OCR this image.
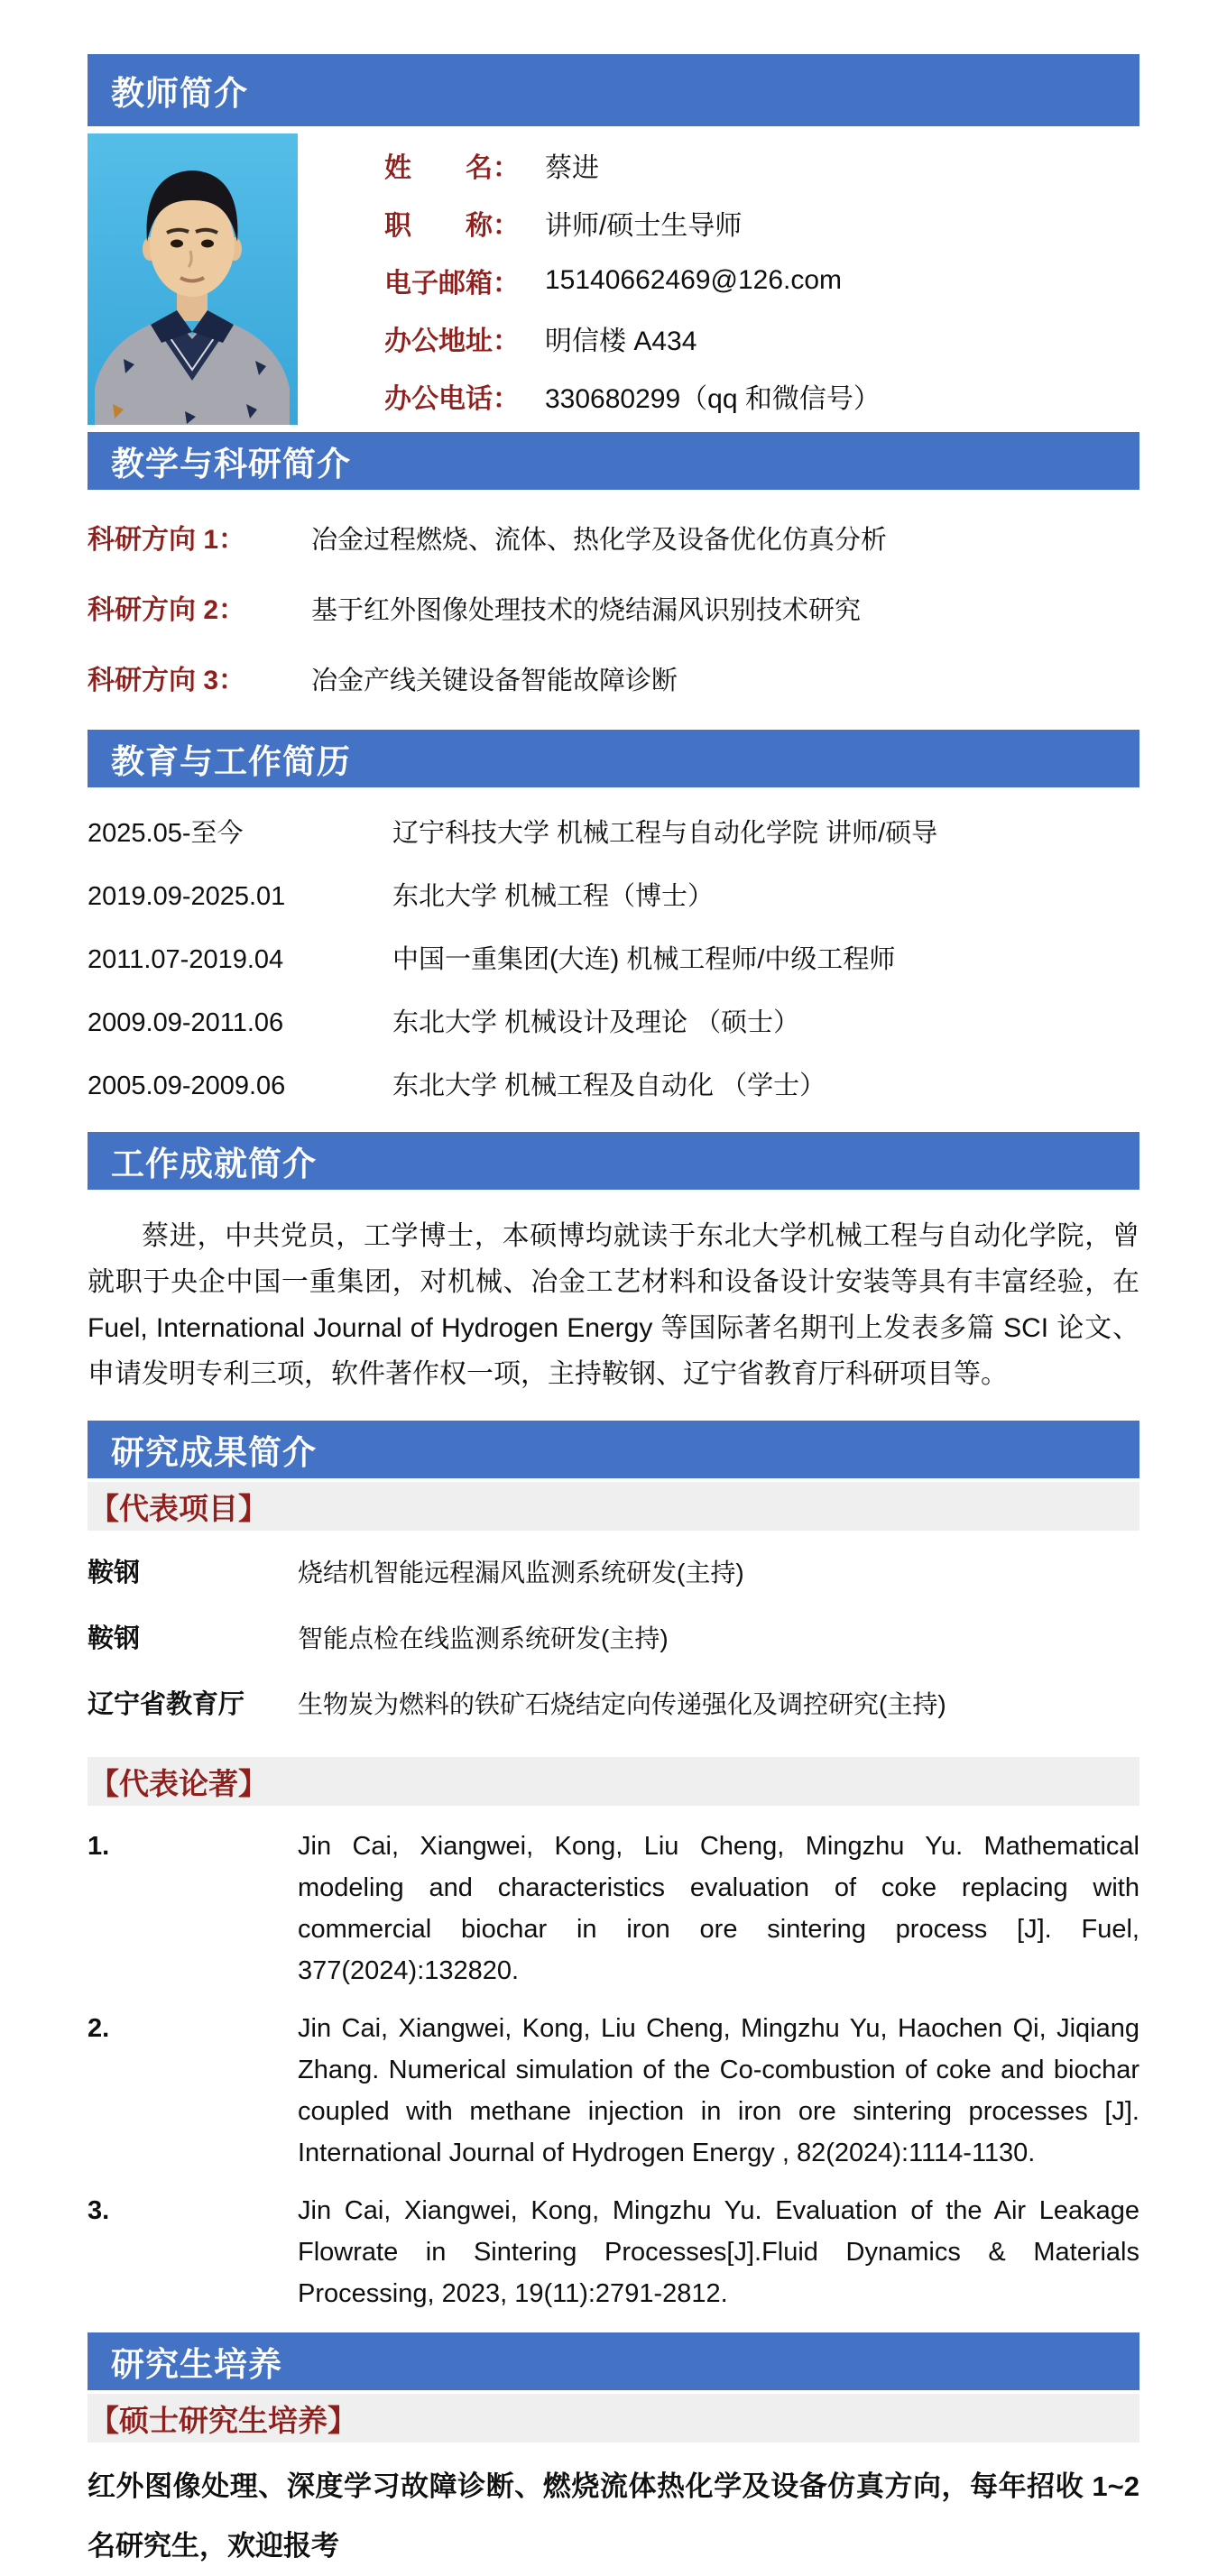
教师简介
姓　　名： 蔡进
职　　称： 讲师/硕士生导师
电子邮箱： 15140662469@126.com
办公地址： 明信楼 A434
办公电话： 330680299（qq 和微信号）
教学与科研简介
科研方向 1：	冶金过程燃烧、流体、热化学及设备优化仿真分析
科研方向 2：	基于红外图像处理技术的烧结漏风识别技术研究
科研方向 3：	冶金产线关键设备智能故障诊断
教育与工作简历
2025.05-至今	辽宁科技大学 机械工程与自动化学院 讲师/硕导
2019.09-2025.01	东北大学 机械工程（博士）
2011.07-2019.04	中国一重集团(大连) 机械工程师/中级工程师
2009.09-2011.06	东北大学 机械设计及理论 （硕士）
2005.09-2009.06	东北大学 机械工程及自动化 （学士）
工作成就简介

蔡进，中共党员，工学博士，本硕博均就读于东北大学机械工程与自动化学院，曾就职于央企中国一重集团，对机械、冶金工艺材料和设备设计安装等具有丰富经验，在 Fuel, International Journal of Hydrogen Energy 等国际著名期刊上发表多篇 SCI 论文、申请发明专利三项，软件著作权一项，主持鞍钢、辽宁省教育厅科研项目等。

研究成果简介
【代表项目】
鞍钢	烧结机智能远程漏风监测系统研发(主持)
鞍钢	智能点检在线监测系统研发(主持)
辽宁省教育厅	生物炭为燃料的铁矿石烧结定向传递强化及调控研究(主持)
【代表论著】
1.	Jin Cai, Xiangwei, Kong, Liu Cheng, Mingzhu Yu. Mathematical modeling and characteristics evaluation of coke replacing with commercial biochar in iron ore sintering process [J]. Fuel, 377(2024):132820.
2.	Jin Cai, Xiangwei, Kong, Liu Cheng, Mingzhu Yu, Haochen Qi, Jiqiang Zhang. Numerical simulation of the Co-combustion of coke and biochar coupled with methane injection in iron ore sintering processes [J]. International Journal of Hydrogen Energy , 82(2024):1114-1130.
3.	Jin Cai, Xiangwei, Kong, Mingzhu Yu. Evaluation of the Air Leakage Flowrate in Sintering Processes[J].Fluid Dynamics & Materials Processing, 2023, 19(11):2791-2812.
研究生培养
【硕士研究生培养】

红外图像处理、深度学习故障诊断、燃烧流体热化学及设备仿真方向，每年招收 1~2 名研究生，欢迎报考
